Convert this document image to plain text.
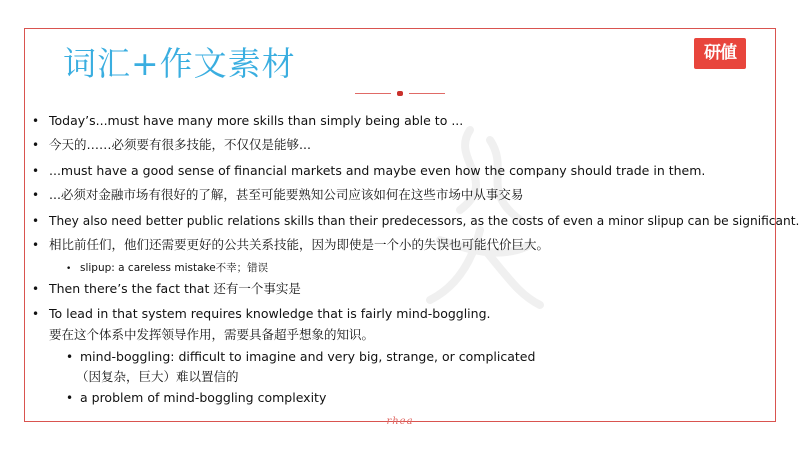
词汇+作文素材	研値
• Today’s...must have many more skills than simply being able to ...
• 今天的……必须要有很多技能，不仅仅是能够...
• ...must have a good sense of financial markets and maybe even how the company should trade in them.
• ...必须对金融市场有很好的了解，甚至可能要熟知公司应该如何在这些市场中从事交易
• They also need better public relations skills than their predecessors, as the costs of even a minor slipup can be significant.
• 相比前任们，他们还需要更好的公共关系技能，因为即使是一个小的失误也可能代价巨大。
• slipup: a careless mistake不幸；错误
• Then there’s the fact that 还有一个事实是
• To lead in that system requires knowledge that is fairly mind-boggling.
要在这个体系中发挥领导作用，需要具备超乎想象的知识。
• mind-boggling: difficult to imagine and very big, strange, or complicated
（因复杂，巨大）难以置信的
• a problem of mind-boggling complexity
rhea
